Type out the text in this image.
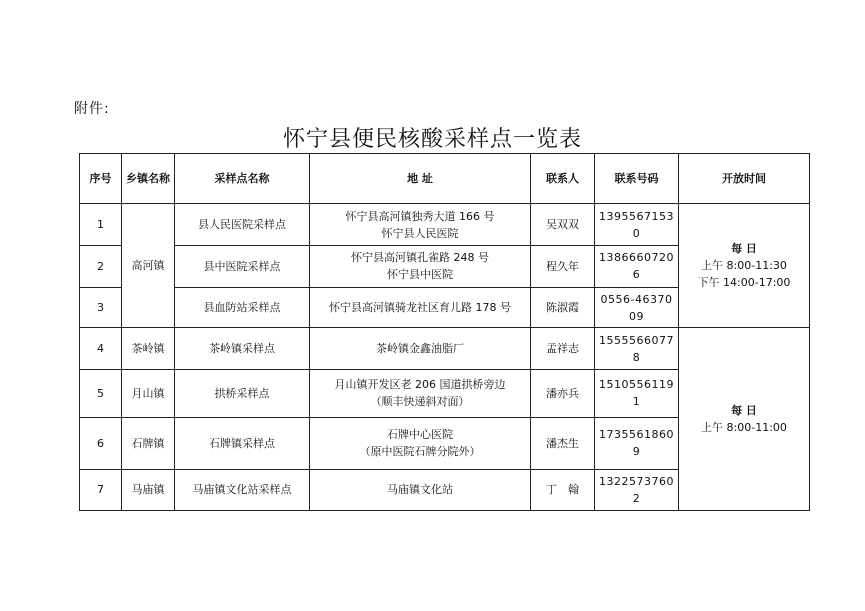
附件:
怀宁县便民核酸采样点一览表
序号	乡镇名称	采样点名称	地 址	联系人	联系号码	开放时间
1	高河镇	县人民医院采样点	怀宁县高河镇独秀大道 166 号
怀宁县人民医院	吴双双	13955671530	每 日
上午 8:00-11:30
下午 14:00-17:00

2		县中医院采样点	怀宁县高河镇孔雀路 248 号
怀宁县中医院	程久年	13866607206	
3		县血防站采样点	怀宁县高河镇骑龙社区育儿路 178 号	陈淑霞	0556-4637009	
4	茶岭镇	茶岭镇采样点	茶岭镇金鑫油脂厂	孟祥志	15555660778	每 日
上午 8:00-11:00

5	月山镇	拱桥采样点	月山镇开发区老 206 国道拱桥旁边
（顺丰快递斜对面）	潘亦兵	15105561191	
6	石牌镇	石牌镇采样点	石牌中心医院
（原中医院石牌分院外）	潘杰生	17355618609	
7	马庙镇	马庙镇文化站采样点	马庙镇文化站	丁　翰	13225737602	
